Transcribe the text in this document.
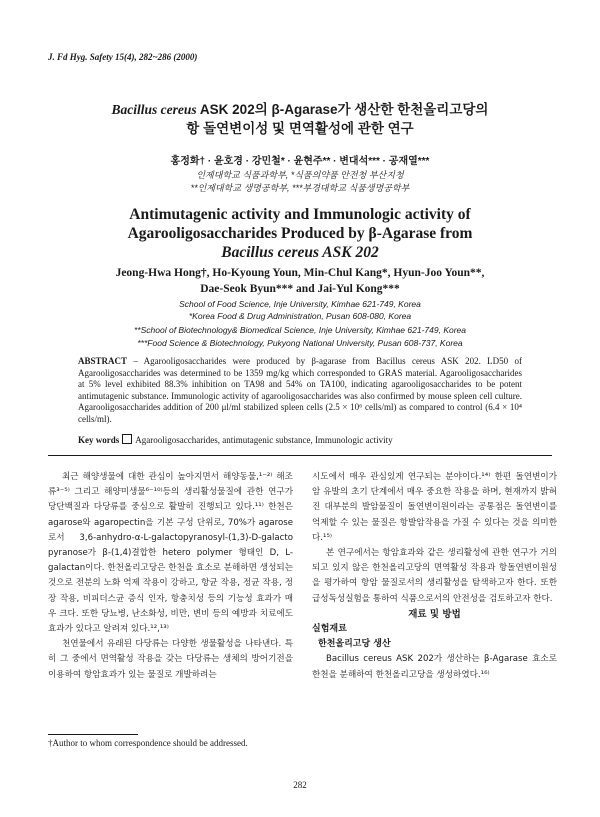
J. Fd Hyg. Safety 15(4), 282~286 (2000)
Bacillus cereus ASK 202의 β-Agarase가 생산한 한천올리고당의
항 돌연변이성 및 면역활성에 관한 연구
홍정화† · 윤호경 · 강민철* · 윤현주** · 변대석*** · 공재열***
인제대학교 식품과학부, *식품의약품 안전청 부산지청
**인제대학교 생명공학부, ***부경대학교 식품생명공학부
Antimutagenic activity and Immunologic activity of
Agarooligosaccharides Produced by β-Agarase from
Bacillus cereus ASK 202
Jeong-Hwa Hong†, Ho-Kyoung Youn, Min-Chul Kang*, Hyun-Joo Youn**,
Dae-Seok Byun*** and Jai-Yul Kong***
School of Food Science, Inje University, Kimhae 621-749, Korea
*Korea Food & Drug Administration, Pusan 608-080, Korea
**School of Biotechnology& Biomedical Science, Inje University, Kimhae 621-749, Korea
***Food Science & Biotechnology, Pukyong National University, Pusan 608-737, Korea
ABSTRACT – Agarooligosaccharides were produced by β-agarase from Bacillus cereus ASK 202. LD50 of Agarooligosaccharides was determined to be 1359 mg/kg which corresponded to GRAS material. Agarooligosaccharides at 5% level exhibited 88.3% inhibition on TA98 and 54% on TA100, indicating agarooligosaccharides to be potent antimutagenic substance. Immunologic activity of agarooligosaccharides was also confirmed by mouse spleen cell culture. Agarooligosaccharides addition of 200 μl/ml stabilized spleen cells (2.5 × 10⁶ cells/ml) as compared to control (6.4 × 10⁴ cells/ml).
Key words Agarooligosaccharides, antimutagenic substance, Immunologic activity

최근 해양생물에 대한 관심이 높아지면서 해양동물,¹⁻²⁾ 해조류³⁻⁵⁾ 그리고 해양미생물⁶⁻¹⁰⁾등의 생리활성물질에 관한 연구가 당단백질과 다당류를 중심으로 활발히 진행되고 있다.¹¹⁾ 한천은 agarose와 agaropectin을 기본 구성 단위로, 70%가 agarose로서 3,6-anhydro-α-L-galactopyranosyl-(1,3)-D-galacto pyranose가 β-(1,4)결합한 hetero polymer 형태인 D, L-galactan이다. 한천올리고당은 한천을 효소로 분해하면 생성되는 것으로 전분의 노화 억제 작용이 강하고, 항균 작용, 정균 작용, 정장 작용, 비피더스균 증식 인자, 항충치성 등의 기능성 효과가 매우 크다. 또한 당뇨병, 난소화성, 비만, 변비 등의 예방과 치료에도 효과가 있다고 알려져 있다.¹²,¹³⁾

천연물에서 유래된 다당류는 다양한 생물활성을 나타낸다. 특히 그 중에서 면역활성 작용을 갖는 다당류는 생체의 방어기전을 이용하여 항암효과가 있는 물질로 개발하려는

시도에서 매우 관심있게 연구되는 분야이다.¹⁴⁾ 한편 돌연변이가 암 유발의 초기 단계에서 매우 중요한 작용을 하며, 현재까지 밝혀진 대부분의 발암물질이 돌연변이원이라는 공통점은 돌연변이를 억제할 수 있는 물질은 항발암작용을 가질 수 있다는 것을 의미한다.¹⁵⁾

본 연구에서는 항암효과와 같은 생리활성에 관한 연구가 거의 되고 있지 않은 한천올리고당의 면역활성 작용과 항돌연변이원성을 평가하여 항암 물질로서의 생리활성을 탐색하고자 한다. 또한 급성독성실험을 통하여 식품으로서의 안전성을 검토하고자 한다.

재료 및 방법

실험재료

한천올리고당 생산

Bacillus cereus ASK 202가 생산하는 β-Agarase 효소로 한천을 분해하여 한천올리고당을 생성하였다.¹⁶⁾

†Author to whom correspondence should be addressed.
282
